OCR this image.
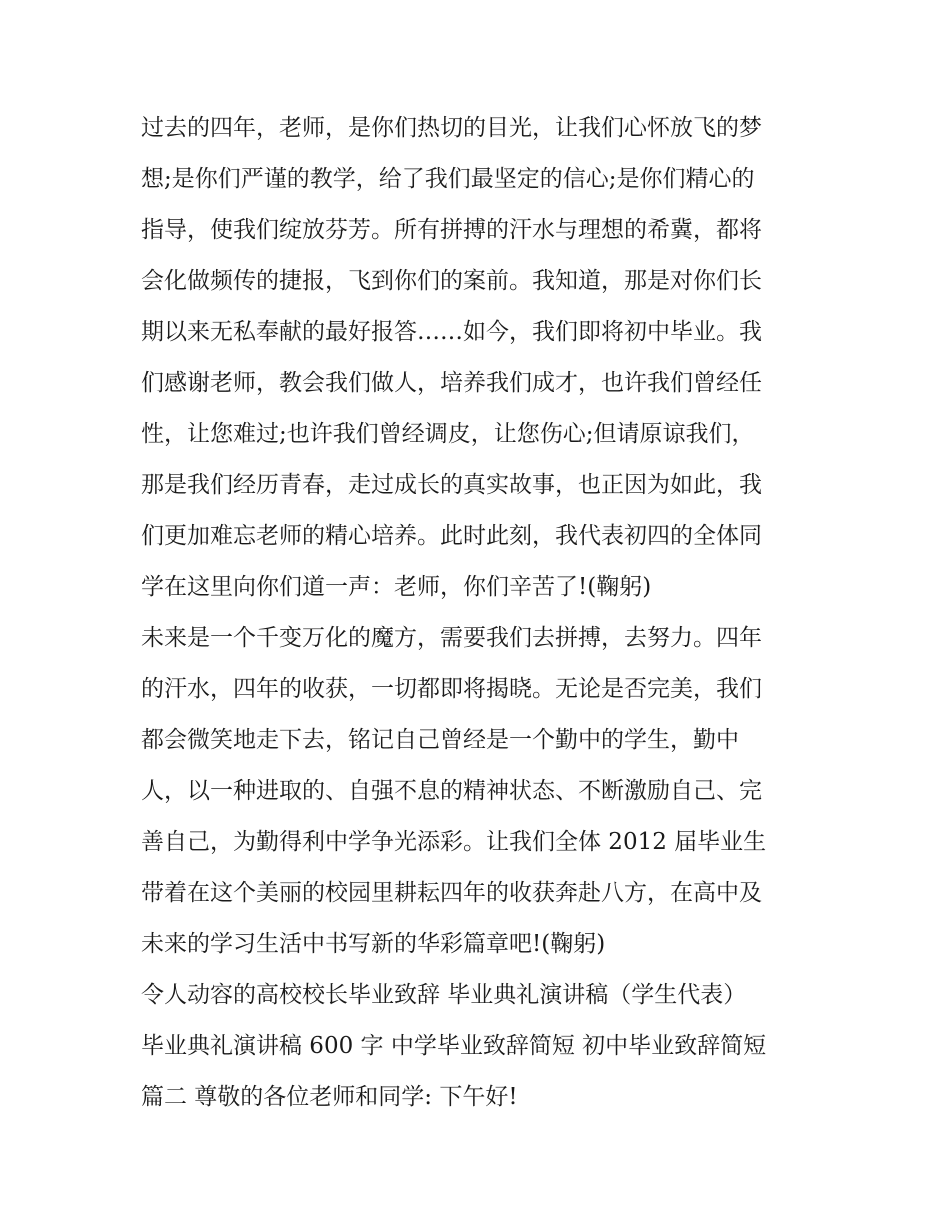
过去的四年，老师，是你们热切的目光，让我们心怀放飞的梦
想;是你们严谨的教学，给了我们最坚定的信心;是你们精心的
指导，使我们绽放芬芳。所有拼搏的汗水与理想的希冀，都将
会化做频传的捷报，飞到你们的案前。我知道，那是对你们长
期以来无私奉献的最好报答……如今，我们即将初中毕业。我
们感谢老师，教会我们做人，培养我们成才，也许我们曾经任
性，让您难过;也许我们曾经调皮，让您伤心;但请原谅我们，
那是我们经历青春，走过成长的真实故事，也正因为如此，我
们更加难忘老师的精心培养。此时此刻，我代表初四的全体同
学在这里向你们道一声：老师，你们辛苦了!(鞠躬)
未来是一个千变万化的魔方，需要我们去拼搏，去努力。四年
的汗水，四年的收获，一切都即将揭晓。无论是否完美，我们
都会微笑地走下去，铭记自己曾经是一个勤中的学生，勤中
人，以一种进取的、自强不息的精神状态、不断激励自己、完
善自己，为勤得利中学争光添彩。让我们全体 2012 届毕业生
带着在这个美丽的校园里耕耘四年的收获奔赴八方，在高中及
未来的学习生活中书写新的华彩篇章吧!(鞠躬)
令人动容的高校校长毕业致辞 毕业典礼演讲稿（学生代表）
毕业典礼演讲稿 600 字 中学毕业致辞简短 初中毕业致辞简短
篇二 尊敬的各位老师和同学: 下午好!
